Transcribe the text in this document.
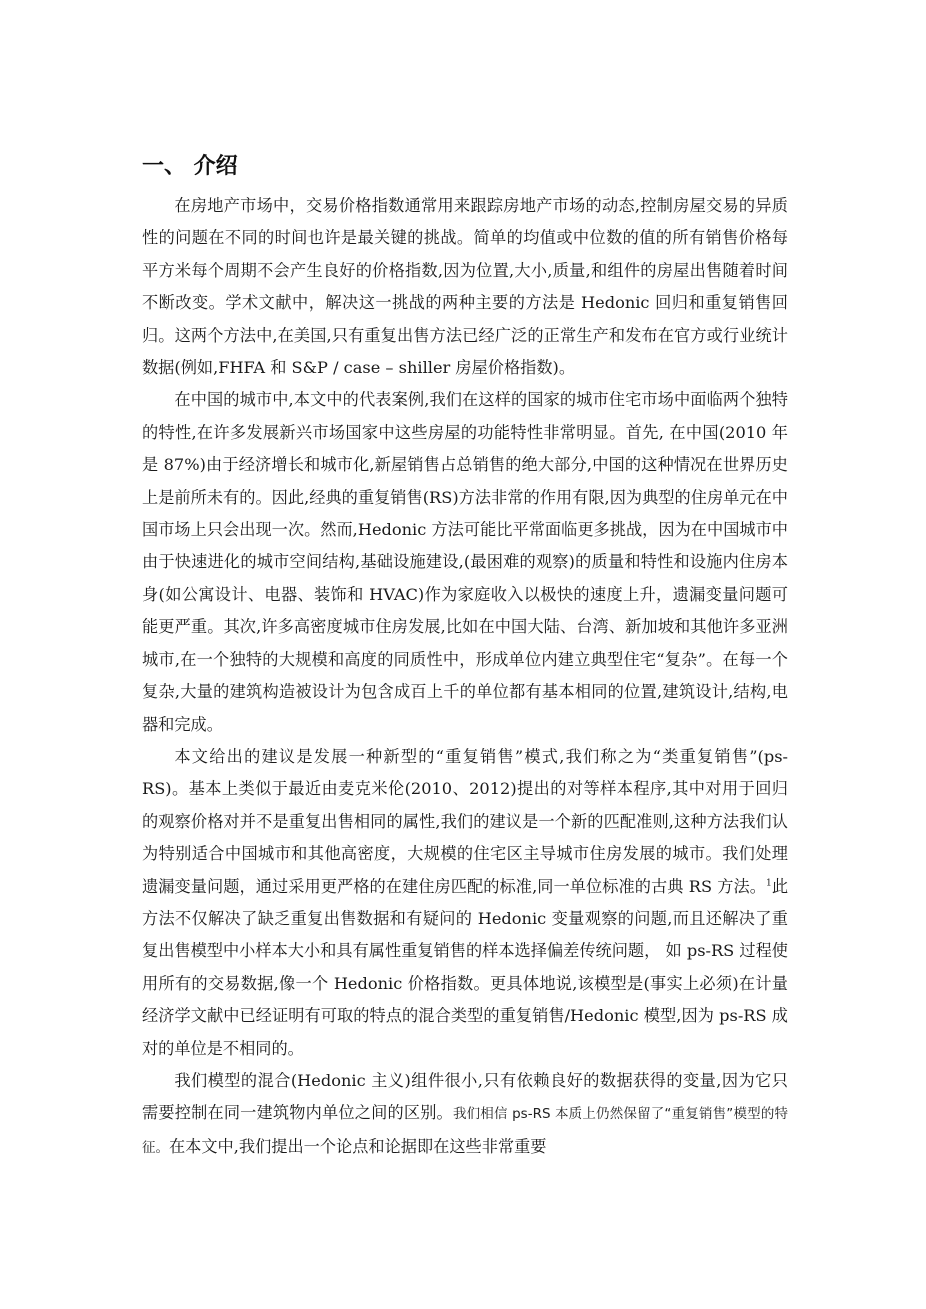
一、 介绍

在房地产市场中，交易价格指数通常用来跟踪房地产市场的动态,控制房屋交易的异质性的问题在不同的时间也许是最关键的挑战。简单的均值或中位数的值的所有销售价格每平方米每个周期不会产生良好的价格指数,因为位置,大小,质量,和组件的房屋出售随着时间不断改变。学术文献中，解决这一挑战的两种主要的方法是 Hedonic 回归和重复销售回归。这两个方法中,在美国,只有重复出售方法已经广泛的正常生产和发布在官方或行业统计数据(例如,FHFA 和 S&P / case – shiller 房屋价格指数)。

在中国的城市中,本文中的代表案例,我们在这样的国家的城市住宅市场中面临两个独特的特性,在许多发展新兴市场国家中这些房屋的功能特性非常明显。首先, 在中国(2010 年是 87%)由于经济增长和城市化,新屋销售占总销售的绝大部分,中国的这种情况在世界历史上是前所未有的。因此,经典的重复销售(RS)方法非常的作用有限,因为典型的住房单元在中国市场上只会出现一次。然而,Hedonic 方法可能比平常面临更多挑战，因为在中国城市中由于快速进化的城市空间结构,基础设施建设,(最困难的观察)的质量和特性和设施内住房本身(如公寓设计、电器、装饰和 HVAC)作为家庭收入以极快的速度上升，遗漏变量问题可能更严重。其次,许多高密度城市住房发展,比如在中国大陆、台湾、新加坡和其他许多亚洲城市,在一个独特的大规模和高度的同质性中，形成单位内建立典型住宅“复杂”。在每一个复杂,大量的建筑构造被设计为包含成百上千的单位都有基本相同的位置,建筑设计,结构,电器和完成。

本文给出的建议是发展一种新型的“重复销售”模式,我们称之为“类重复销售”(ps-RS)。基本上类似于最近由麦克米伦(2010、2012)提出的对等样本程序,其中对用于回归的观察价格对并不是重复出售相同的属性,我们的建议是一个新的匹配准则,这种方法我们认为特别适合中国城市和其他高密度，大规模的住宅区主导城市住房发展的城市。我们处理遗漏变量问题，通过采用更严格的在建住房匹配的标准,同一单位标准的古典 RS 方法。$^1$此方法不仅解决了缺乏重复出售数据和有疑问的 Hedonic 变量观察的问题,而且还解决了重复出售模型中小样本大小和具有属性重复销售的样本选择偏差传统问题， 如 ps-RS 过程使用所有的交易数据,像一个 Hedonic 价格指数。更具体地说,该模型是(事实上必须)在计量经济学文献中已经证明有可取的特点的混合类型的重复销售/Hedonic 模型,因为 ps-RS 成对的单位是不相同的。

我们模型的混合(Hedonic 主义)组件很小,只有依赖良好的数据获得的变量,因为它只需要控制在同一建筑物内单位之间的区别。我们相信 ps-RS 本质上仍然保留了“重复销售”模型的特征。在本文中,我们提出一个论点和论据即在这些非常重要
